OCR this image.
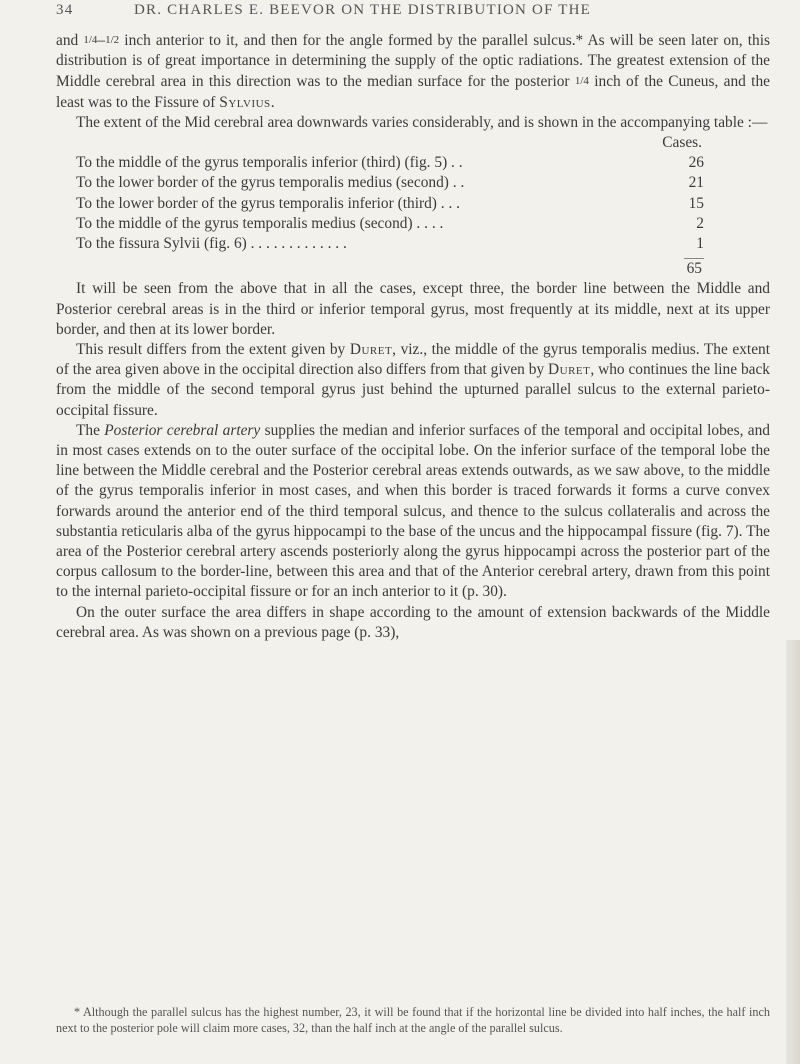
34	DR. CHARLES E. BEEVOR ON THE DISTRIBUTION OF THE

and 1/4–1/2 inch anterior to it, and then for the angle formed by the parallel sulcus.* As will be seen later on, this distribution is of great importance in determining the supply of the optic radiations. The greatest extension of the Middle cerebral area in this direction was to the median surface for the posterior 1/4 inch of the Cuneus, and the least was to the Fissure of Sylvius.

The extent of the Mid cerebral area downwards varies considerably, and is shown in the accompanying table :—

Cases.
To the middle of the gyrus temporalis inferior (third) (fig. 5) . .	26
To the lower border of the gyrus temporalis medius (second) . .	21
To the lower border of the gyrus temporalis inferior (third) . . .	15
To the middle of the gyrus temporalis medius (second) . . . .	2
To the fissura Sylvii (fig. 6) . . . . . . . . . . . . .	1
65

It will be seen from the above that in all the cases, except three, the border line between the Middle and Posterior cerebral areas is in the third or inferior temporal gyrus, most frequently at its middle, next at its upper border, and then at its lower border.

This result differs from the extent given by Duret, viz., the middle of the gyrus temporalis medius. The extent of the area given above in the occipital direction also differs from that given by Duret, who continues the line back from the middle of the second temporal gyrus just behind the upturned parallel sulcus to the external parieto-occipital fissure.

The Posterior cerebral artery supplies the median and inferior surfaces of the temporal and occipital lobes, and in most cases extends on to the outer surface of the occipital lobe. On the inferior surface of the temporal lobe the line between the Middle cerebral and the Posterior cerebral areas extends outwards, as we saw above, to the middle of the gyrus temporalis inferior in most cases, and when this border is traced forwards it forms a curve convex forwards around the anterior end of the third temporal sulcus, and thence to the sulcus collateralis and across the substantia reticularis alba of the gyrus hippocampi to the base of the uncus and the hippocampal fissure (fig. 7). The area of the Posterior cerebral artery ascends posteriorly along the gyrus hippocampi across the posterior part of the corpus callosum to the border-line, between this area and that of the Anterior cerebral artery, drawn from this point to the internal parieto-occipital fissure or for an inch anterior to it (p. 30).

On the outer surface the area differs in shape according to the amount of extension backwards of the Middle cerebral area. As was shown on a previous page (p. 33),

* Although the parallel sulcus has the highest number, 23, it will be found that if the horizontal line be divided into half inches, the half inch next to the posterior pole will claim more cases, 32, than the half inch at the angle of the parallel sulcus.
